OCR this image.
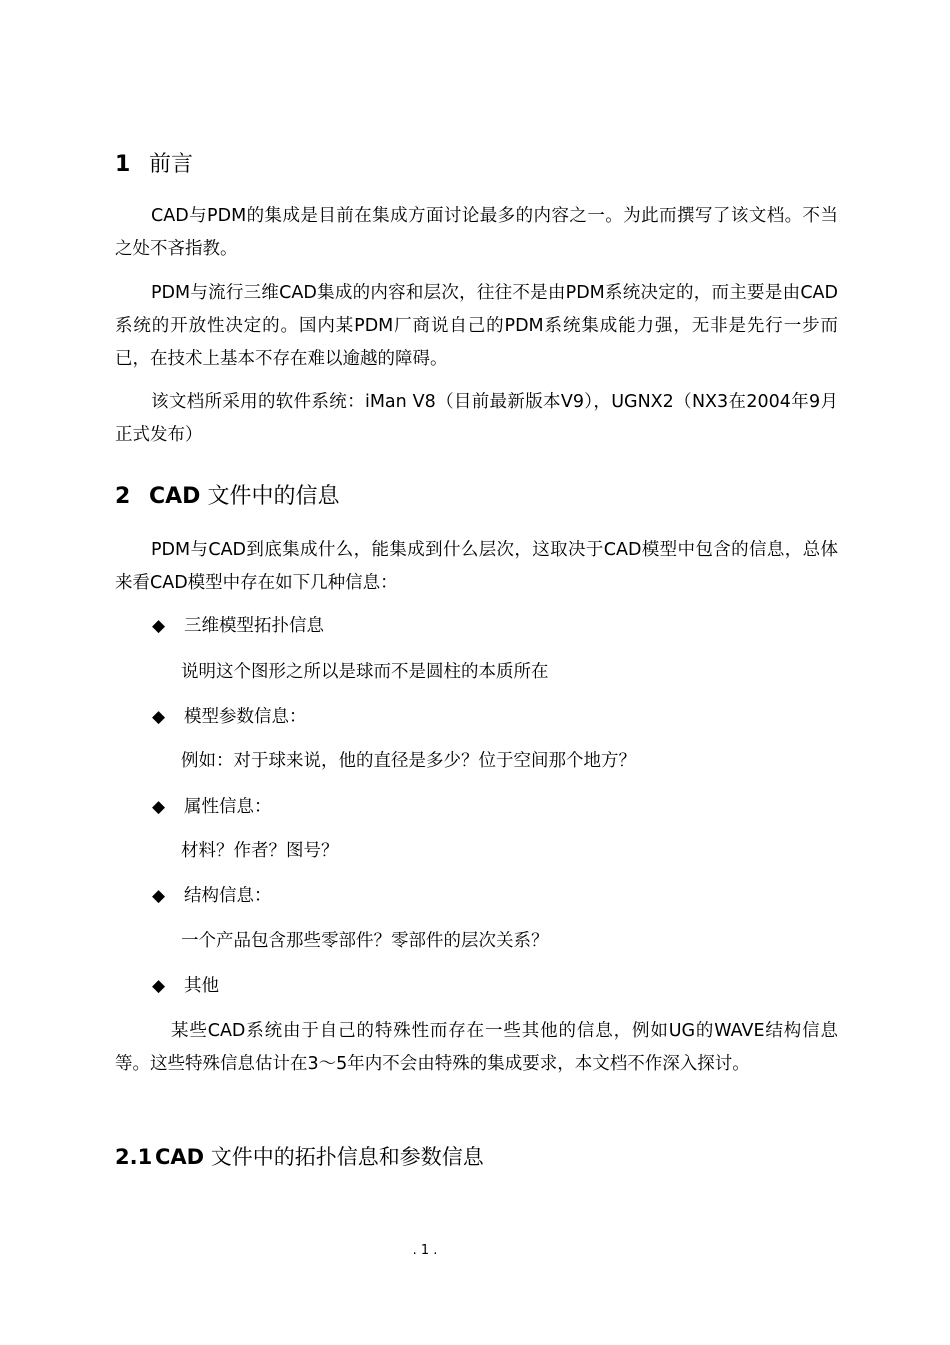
1 前言
CAD与PDM的集成是目前在集成方面讨论最多的内容之一。为此而撰写了该文档。不当之处不吝指教。
PDM与流行三维CAD集成的内容和层次，往往不是由PDM系统决定的，而主要是由CAD系统的开放性决定的。国内某PDM厂商说自己的PDM系统集成能力强，无非是先行一步而已，在技术上基本不存在难以逾越的障碍。
该文档所采用的软件系统：iMan V8（目前最新版本V9），UGNX2（NX3在2004年9月正式发布）
2 CAD 文件中的信息
PDM与CAD到底集成什么，能集成到什么层次，这取决于CAD模型中包含的信息，总体来看CAD模型中存在如下几种信息：
◆ 三维模型拓扑信息
说明这个图形之所以是球而不是圆柱的本质所在
◆ 模型参数信息：
例如：对于球来说，他的直径是多少？位于空间那个地方？
◆ 属性信息：
材料？作者？图号？
◆ 结构信息：
一个产品包含那些零部件？零部件的层次关系？
◆ 其他
某些CAD系统由于自己的特殊性而存在一些其他的信息，例如UG的WAVE结构信息等。这些特殊信息估计在3～5年内不会由特殊的集成要求，本文档不作深入探讨。
2.1 CAD 文件中的拓扑信息和参数信息
. 1 .
